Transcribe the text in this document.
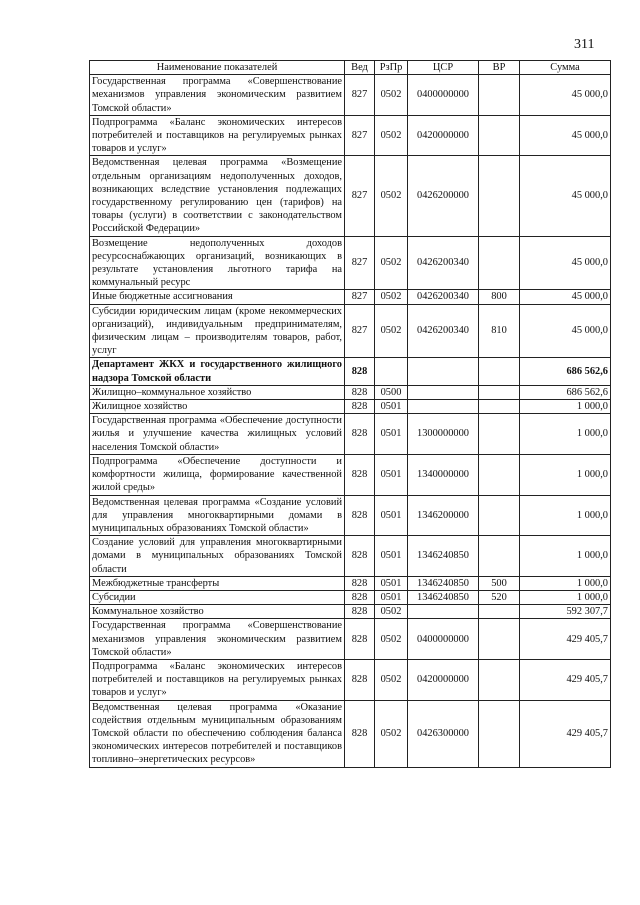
311
Наименование показателей	Вед	РзПр	ЦСР	ВР	Сумма
Государственная программа «Совершенствование механизмов управления экономическим развитием Томской области»	827	0502	0400000000		45 000,0
Подпрограмма «Баланс экономических интересов потребителей и поставщиков на регулируемых рынках товаров и услуг»	827	0502	0420000000		45 000,0
Ведомственная целевая программа «Возмещение отдельным организациям недополученных доходов, возникающих вследствие установления подлежащих государственному регулированию цен (тарифов) на товары (услуги) в соответствии с законодательством Российской Федерации»	827	0502	0426200000		45 000,0
Возмещение недополученных доходов ресурсоснабжающих организаций, возникающих в результате установления льготного тарифа на коммунальный ресурс	827	0502	0426200340		45 000,0
Иные бюджетные ассигнования	827	0502	0426200340	800	45 000,0
Субсидии юридическим лицам (кроме некоммерческих организаций), индивидуальным предпринимателям, физическим лицам – производителям товаров, работ, услуг	827	0502	0426200340	810	45 000,0
Департамент ЖКХ и государственного жилищного надзора Томской области	828				686 562,6
Жилищно–коммунальное хозяйство	828	0500			686 562,6
Жилищное хозяйство	828	0501			1 000,0
Государственная программа «Обеспечение доступности жилья и улучшение качества жилищных условий населения Томской области»	828	0501	1300000000		1 000,0
Подпрограмма «Обеспечение доступности и комфортности жилища, формирование качественной жилой среды»	828	0501	1340000000		1 000,0
Ведомственная целевая программа «Создание условий для управления многоквартирными домами в муниципальных образованиях Томской области»	828	0501	1346200000		1 000,0
Создание условий для управления многоквартирными домами в муниципальных образованиях Томской области	828	0501	1346240850		1 000,0
Межбюджетные трансферты	828	0501	1346240850	500	1 000,0
Субсидии	828	0501	1346240850	520	1 000,0
Коммунальное хозяйство	828	0502			592 307,7
Государственная программа «Совершенствование механизмов управления экономическим развитием Томской области»	828	0502	0400000000		429 405,7
Подпрограмма «Баланс экономических интересов потребителей и поставщиков на регулируемых рынках товаров и услуг»	828	0502	0420000000		429 405,7
Ведомственная целевая программа «Оказание содействия отдельным муниципальным образованиям Томской области по обеспечению соблюдения баланса экономических интересов потребителей и поставщиков топливно–энергетических ресурсов»	828	0502	0426300000		429 405,7
